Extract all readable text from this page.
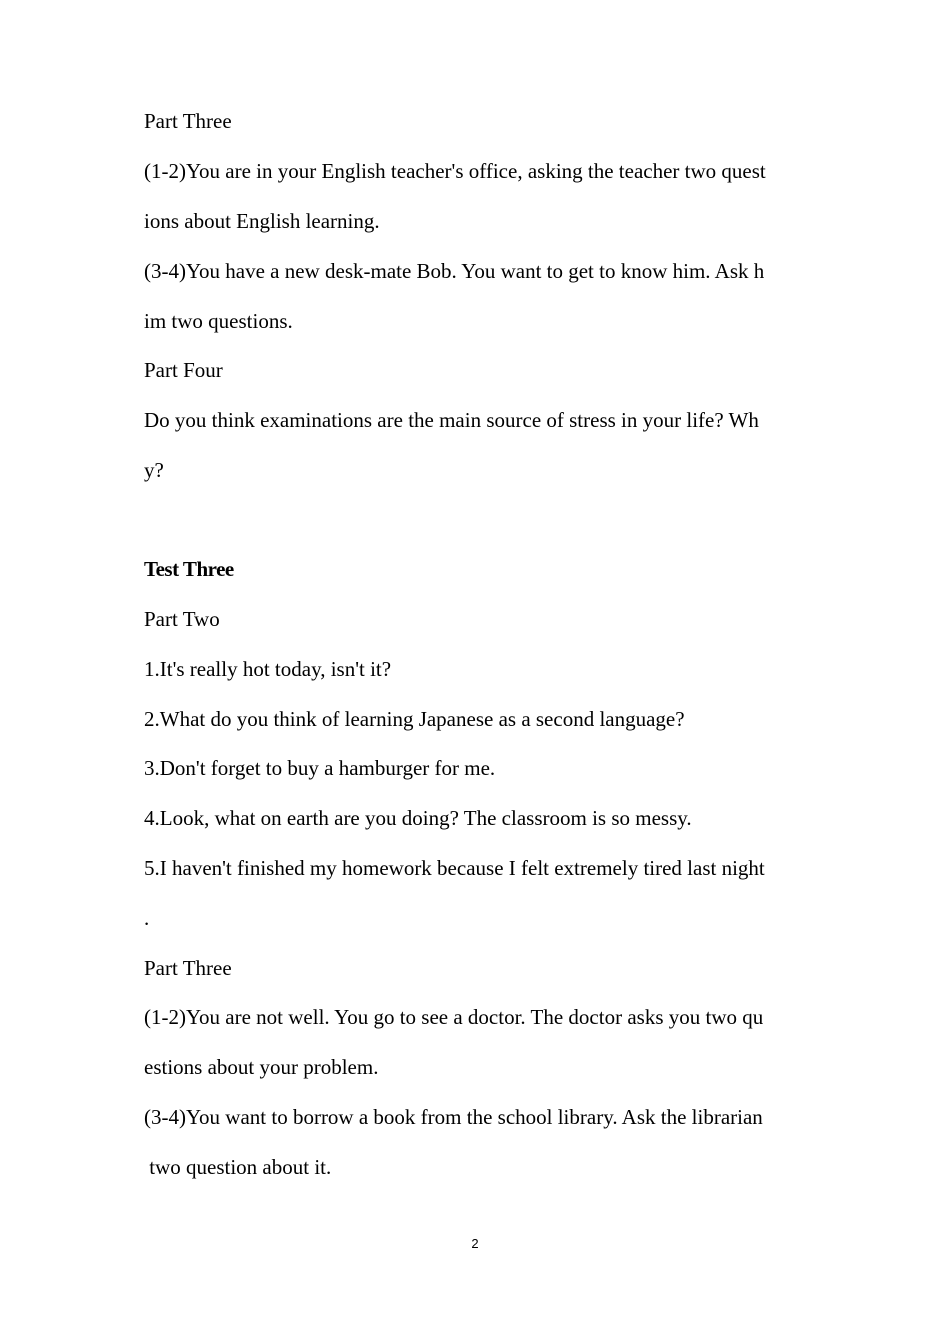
Part Three
(1-2)You are in your English teacher's office, asking the teacher two quest
ions about English learning.
(3-4)You have a new desk-mate Bob. You want to get to know him. Ask h
im two questions.
Part Four
Do you think examinations are the main source of stress in your life? Wh
y?
Test Three
Part Two
1.It's really hot today, isn't it?
2.What do you think of learning Japanese as a second language?
3.Don't forget to buy a hamburger for me.
4.Look, what on earth are you doing? The classroom is so messy.
5.I haven't finished my homework because I felt extremely tired last night
.
Part Three
(1-2)You are not well. You go to see a doctor. The doctor asks you two qu
estions about your problem.
(3-4)You want to borrow a book from the school library. Ask the librarian
two question about it.
2
